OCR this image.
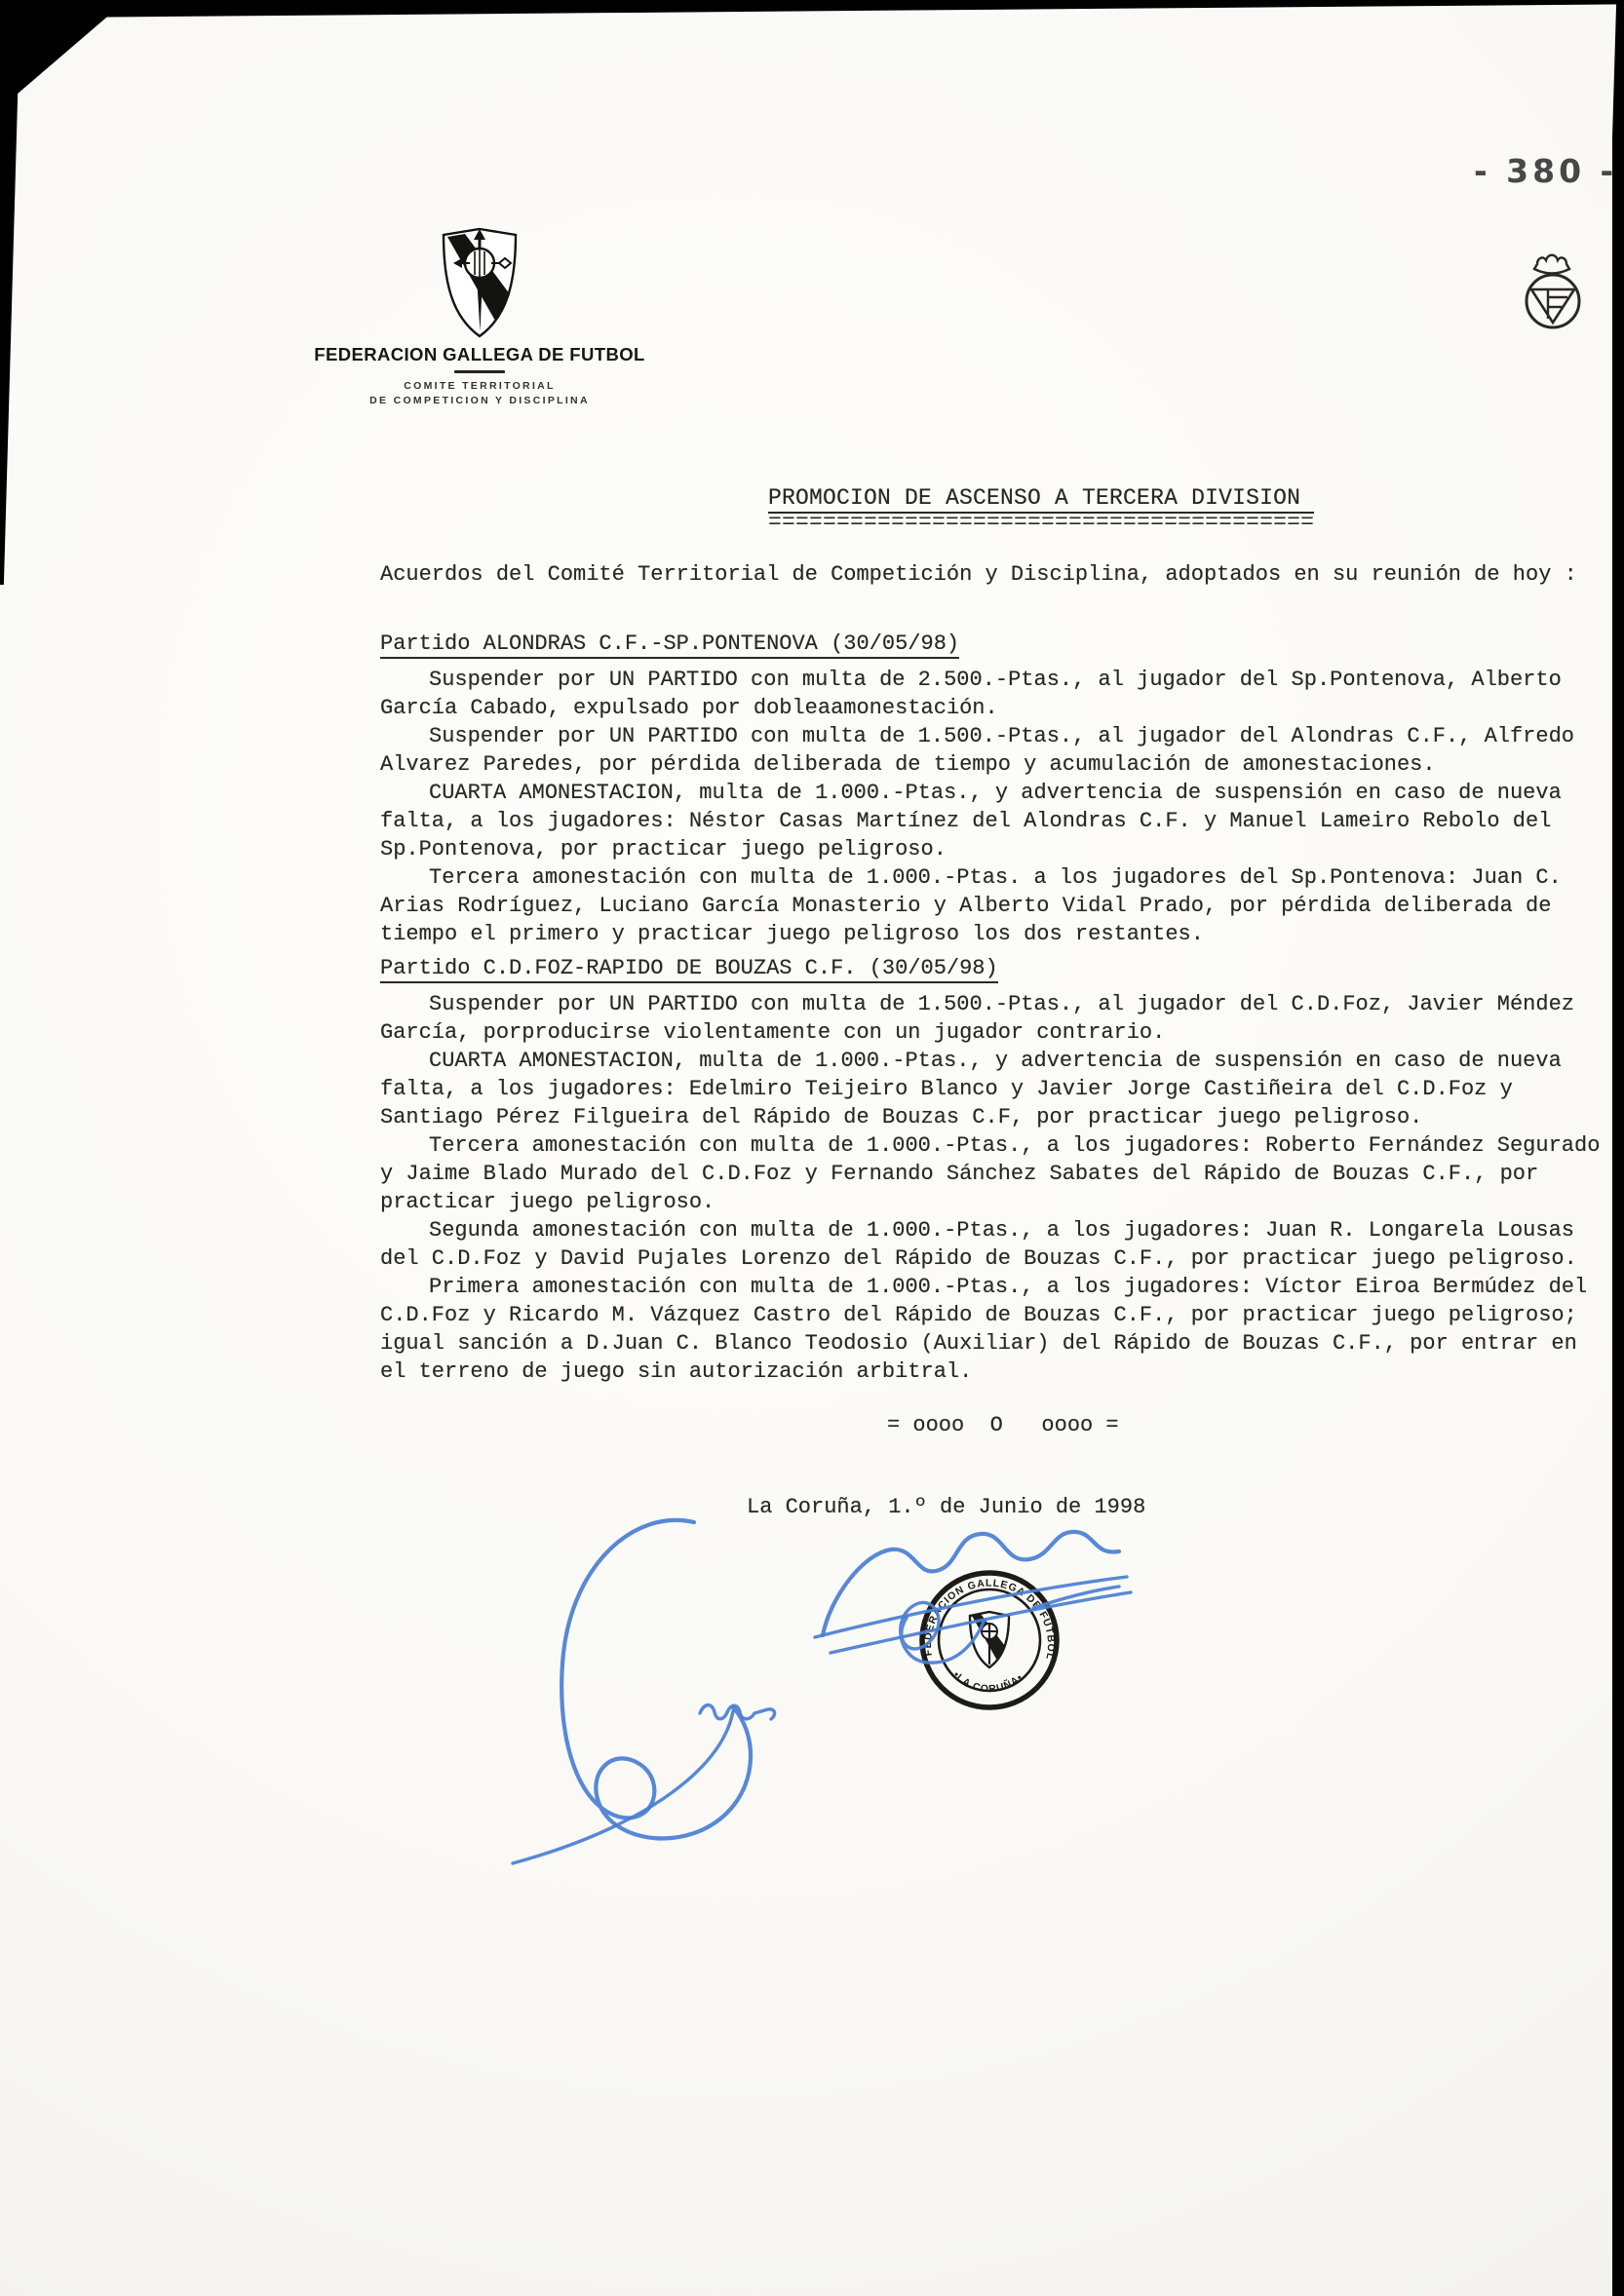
- 380 -
FEDERACION GALLEGA DE FUTBOL
COMITE TERRITORIAL
DE COMPETICION Y DISCIPLINA
PROMOCION DE ASCENSO A TERCERA DIVISION
========================================

Acuerdos del Comité Territorial de Competición y Disciplina, adoptados en su reunión de hoy :

Partido ALONDRAS C.F.-SP.PONTENOVA (30/05/98)

Suspender por UN PARTIDO con multa de 2.500.-Ptas., al jugador del Sp.Pontenova, Alberto García Cabado, expulsado por dobleaamonestación.

Suspender por UN PARTIDO con multa de 1.500.-Ptas., al jugador del Alondras C.F., Alfredo Alvarez Paredes, por pérdida deliberada de tiempo y acumulación de amonestaciones.

CUARTA AMONESTACION, multa de 1.000.-Ptas., y advertencia de suspensión en caso de nueva falta, a los jugadores: Néstor Casas Martínez del Alondras C.F. y Manuel Lameiro Rebolo del Sp.Pontenova, por practicar juego peligroso.

Tercera amonestación con multa de 1.000.-Ptas. a los jugadores del Sp.Pontenova: Juan C. Arias Rodríguez, Luciano García Monasterio y Alberto Vidal Prado, por pérdida deliberada de tiempo el primero y practicar juego peligroso los dos restantes.

Partido C.D.FOZ-RAPIDO DE BOUZAS C.F. (30/05/98)

Suspender por UN PARTIDO con multa de 1.500.-Ptas., al jugador del C.D.Foz, Javier Méndez García, porproducirse violentamente con un jugador contrario.

CUARTA AMONESTACION, multa de 1.000.-Ptas., y advertencia de suspensión en caso de nueva falta, a los jugadores: Edelmiro Teijeiro Blanco y Javier Jorge Castiñeira del C.D.Foz y Santiago Pérez Filgueira del Rápido de Bouzas C.F, por practicar juego peligroso.

Tercera amonestación con multa de 1.000.-Ptas., a los jugadores: Roberto Fernández Segurado y Jaime Blado Murado del C.D.Foz y Fernando Sánchez Sabates del Rápido de Bouzas C.F., por practicar juego peligroso.

Segunda amonestación con multa de 1.000.-Ptas., a los jugadores: Juan R. Longarela Lousas del C.D.Foz y David Pujales Lorenzo del Rápido de Bouzas C.F., por practicar juego peligroso.

Primera amonestación con multa de 1.000.-Ptas., a los jugadores: Víctor Eiroa Bermúdez del C.D.Foz y Ricardo M. Vázquez Castro del Rápido de Bouzas C.F., por practicar juego peligroso; igual sanción a D.Juan C. Blanco Teodosio (Auxiliar) del Rápido de Bouzas C.F., por entrar en el terreno de juego sin autorización arbitral.

= oooo  O   oooo =
La Coruña, 1.º de Junio de 1998
FEDERACION GALLEGA DE FUTBOL
•LA CORUÑA•
